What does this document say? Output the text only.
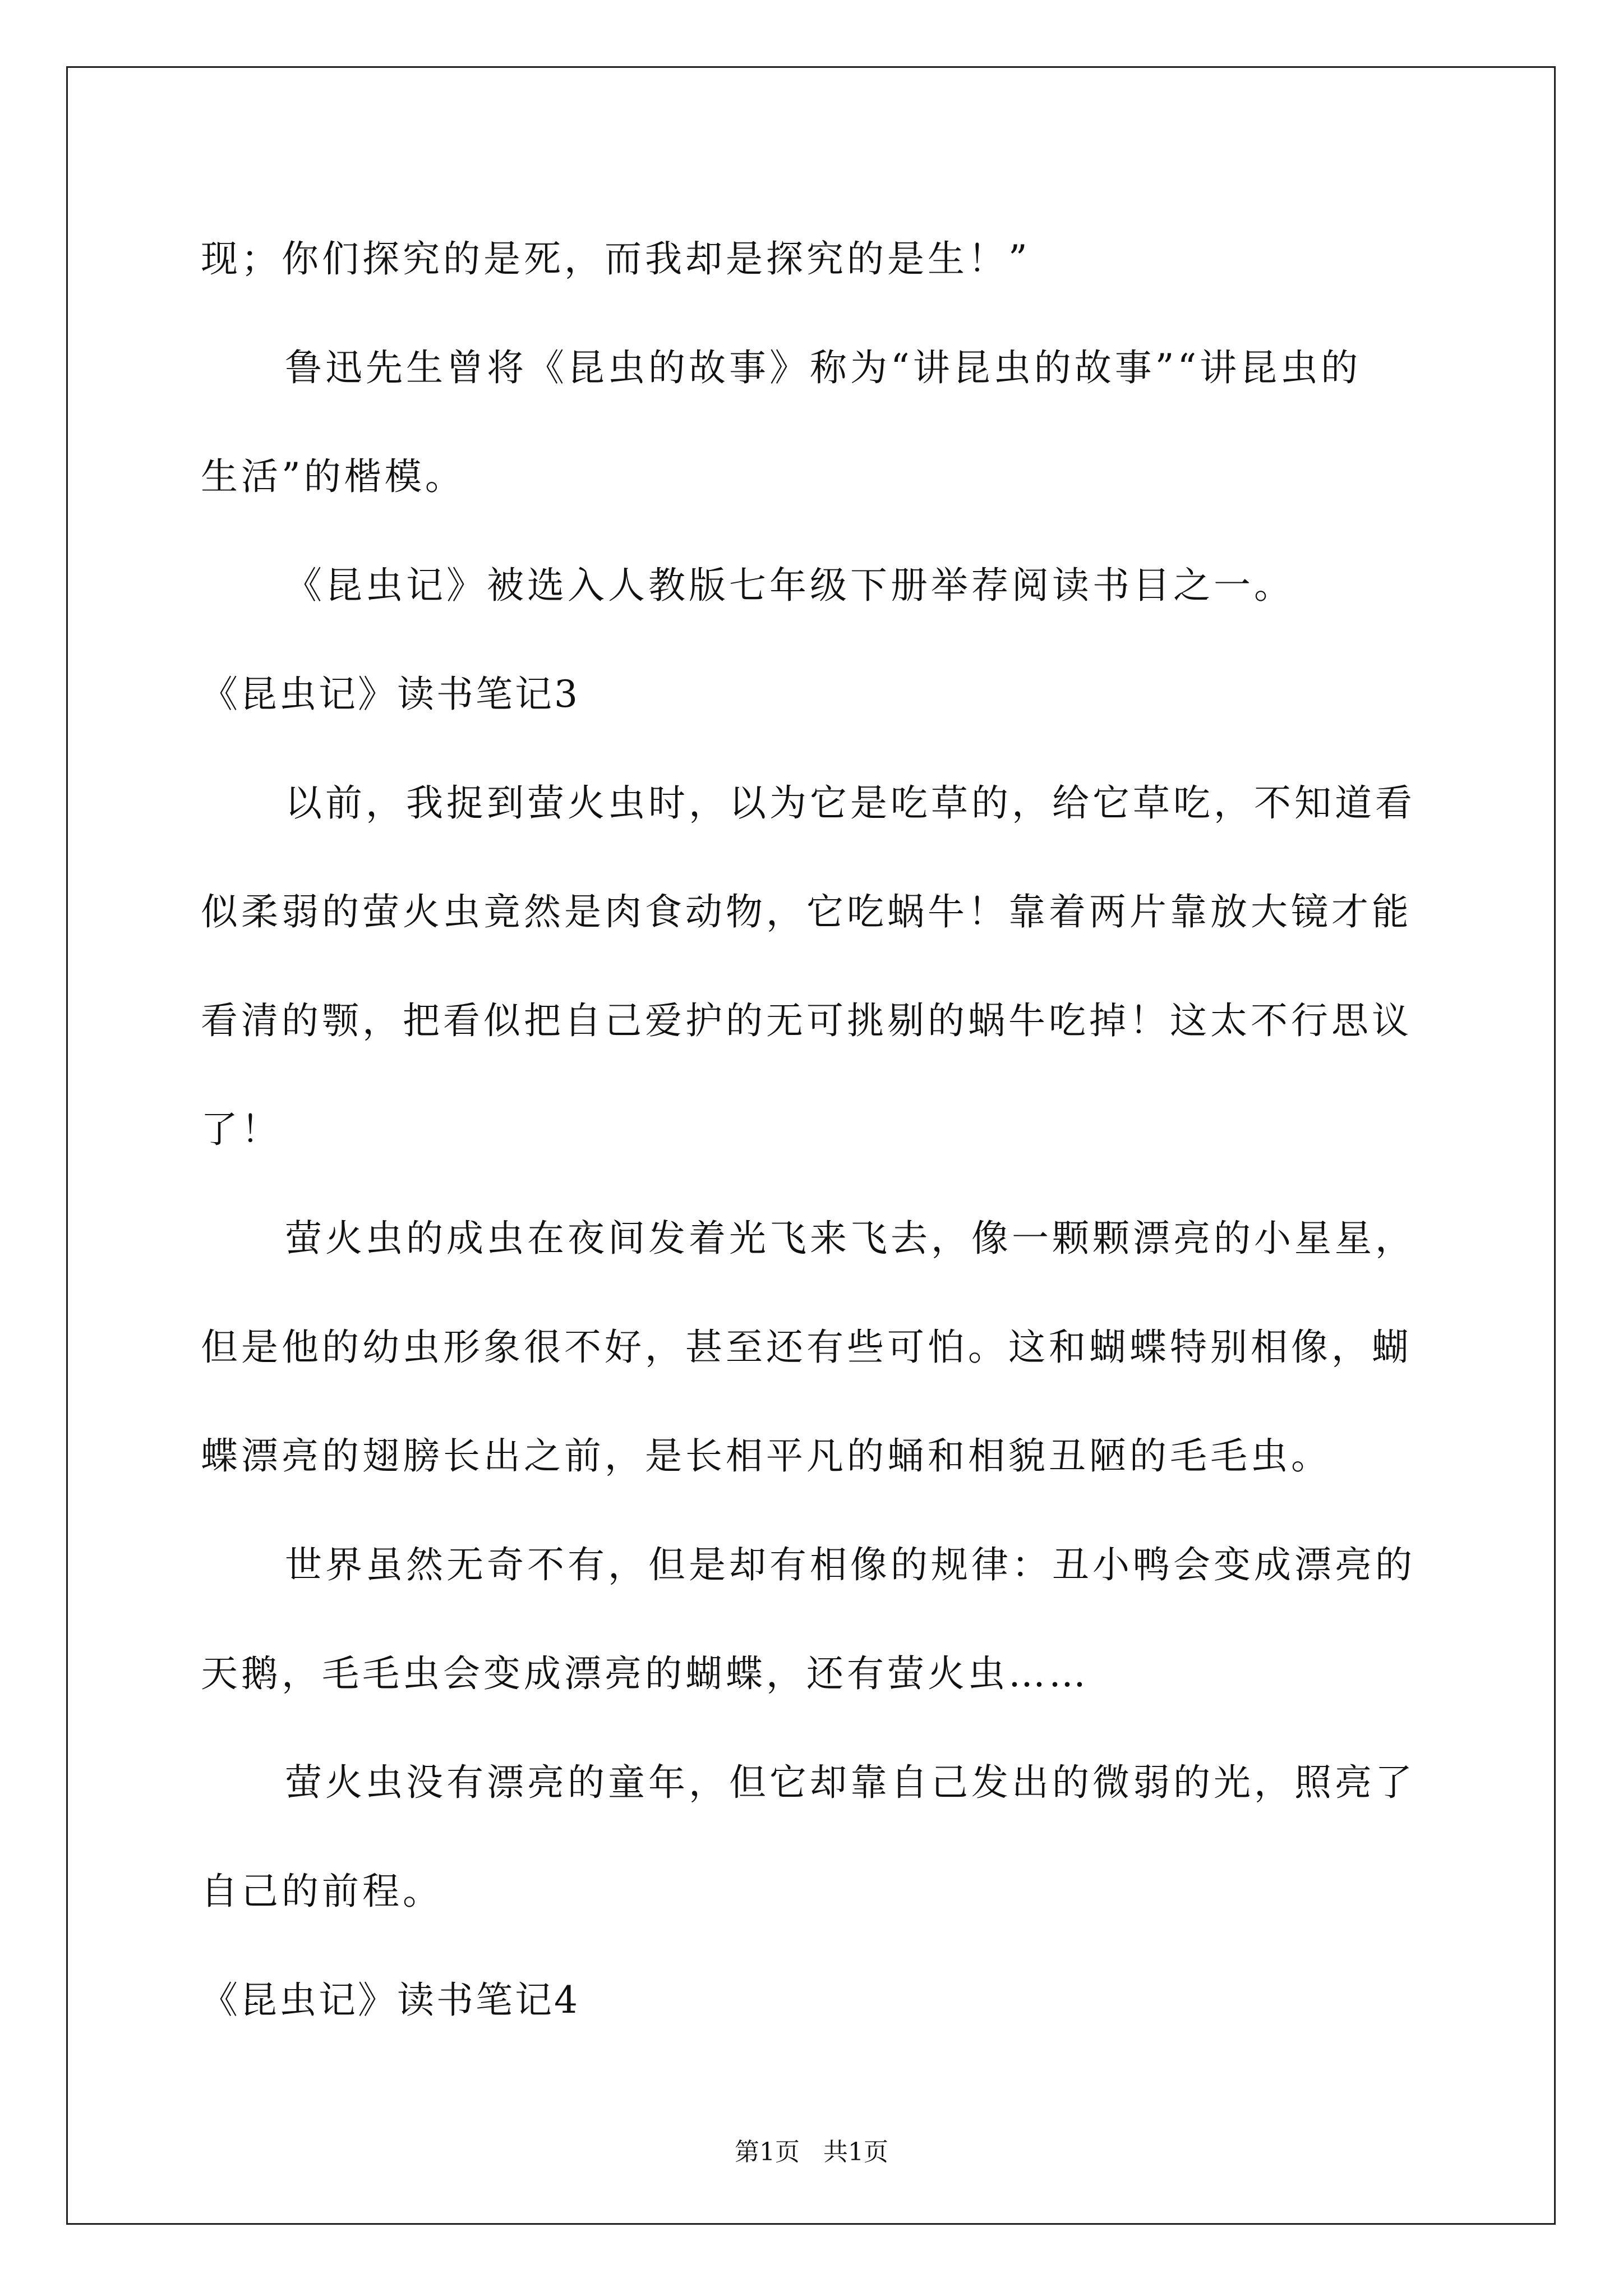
现；你们探究的是死，而我却是探究的是生！”
鲁迅先生曾将《昆虫的故事》称为“讲昆虫的故事”“讲昆虫的
生活”的楷模。
《昆虫记》被选入人教版七年级下册举荐阅读书目之一。
《昆虫记》读书笔记3
以前，我捉到萤火虫时，以为它是吃草的，给它草吃，不知道看
似柔弱的萤火虫竟然是肉食动物，它吃蜗牛！靠着两片靠放大镜才能
看清的颚，把看似把自己爱护的无可挑剔的蜗牛吃掉！这太不行思议
了！
萤火虫的成虫在夜间发着光飞来飞去，像一颗颗漂亮的小星星，
但是他的幼虫形象很不好，甚至还有些可怕。这和蝴蝶特别相像，蝴
蝶漂亮的翅膀长出之前，是长相平凡的蛹和相貌丑陋的毛毛虫。
世界虽然无奇不有，但是却有相像的规律：丑小鸭会变成漂亮的
天鹅，毛毛虫会变成漂亮的蝴蝶，还有萤火虫……
萤火虫没有漂亮的童年，但它却靠自己发出的微弱的光，照亮了
自己的前程。
《昆虫记》读书笔记4
第1页   共1页
